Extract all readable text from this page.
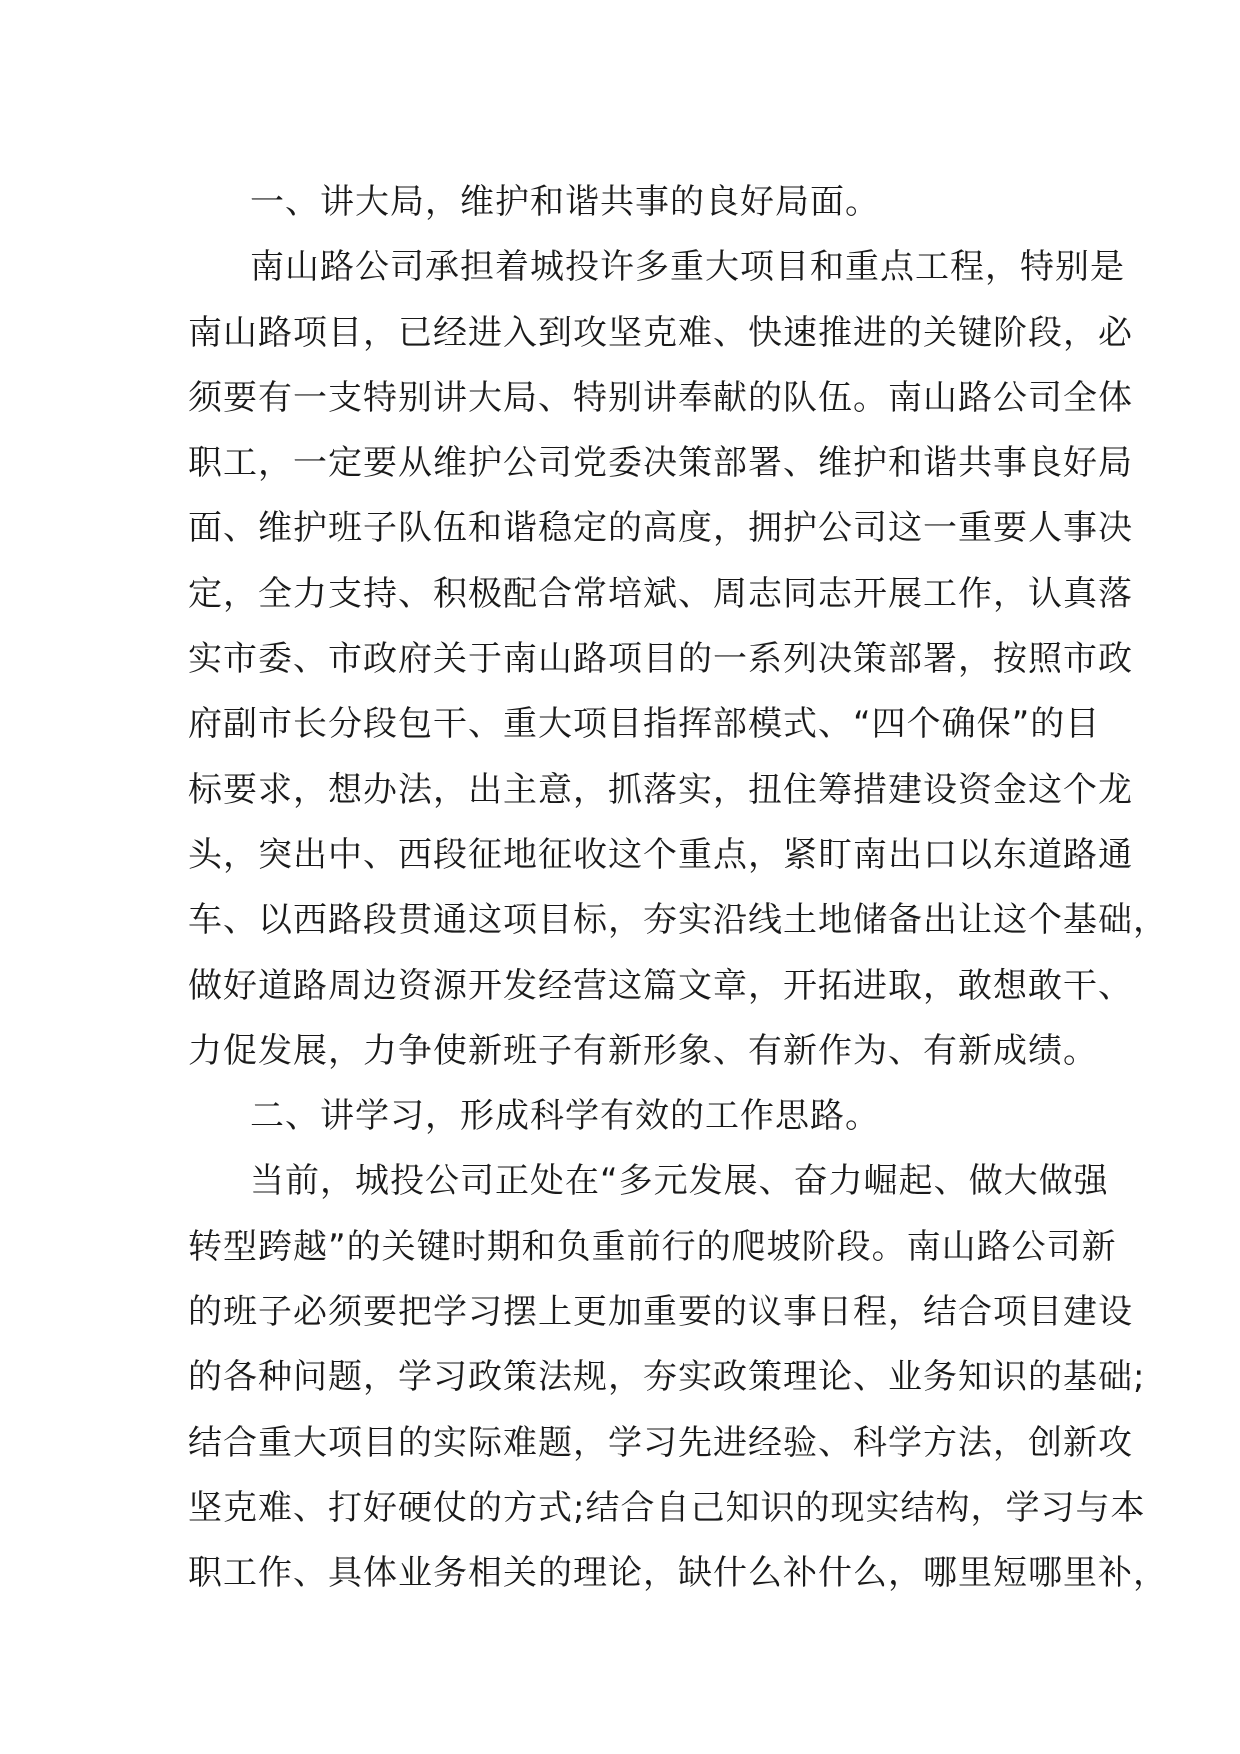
一、讲大局，维护和谐共事的良好局面。
南山路公司承担着城投许多重大项目和重点工程，特别是
南山路项目，已经进入到攻坚克难、快速推进的关键阶段，必
须要有一支特别讲大局、特别讲奉献的队伍。南山路公司全体
职工，一定要从维护公司党委决策部署、维护和谐共事良好局
面、维护班子队伍和谐稳定的高度，拥护公司这一重要人事决
定，全力支持、积极配合常培斌、周志同志开展工作，认真落
实市委、市政府关于南山路项目的一系列决策部署，按照市政
府副市长分段包干、重大项目指挥部模式、“四个确保”的目
标要求，想办法，出主意，抓落实，扭住筹措建设资金这个龙
头，突出中、西段征地征收这个重点，紧盯南出口以东道路通
车、以西路段贯通这项目标，夯实沿线土地储备出让这个基础，
做好道路周边资源开发经营这篇文章，开拓进取，敢想敢干、
力促发展，力争使新班子有新形象、有新作为、有新成绩。
二、讲学习，形成科学有效的工作思路。
当前，城投公司正处在“多元发展、奋力崛起、做大做强
转型跨越”的关键时期和负重前行的爬坡阶段。南山路公司新
的班子必须要把学习摆上更加重要的议事日程，结合项目建设
的各种问题，学习政策法规，夯实政策理论、业务知识的基础;
结合重大项目的实际难题，学习先进经验、科学方法，创新攻
坚克难、打好硬仗的方式;结合自己知识的现实结构，学习与本
职工作、具体业务相关的理论，缺什么补什么，哪里短哪里补，
